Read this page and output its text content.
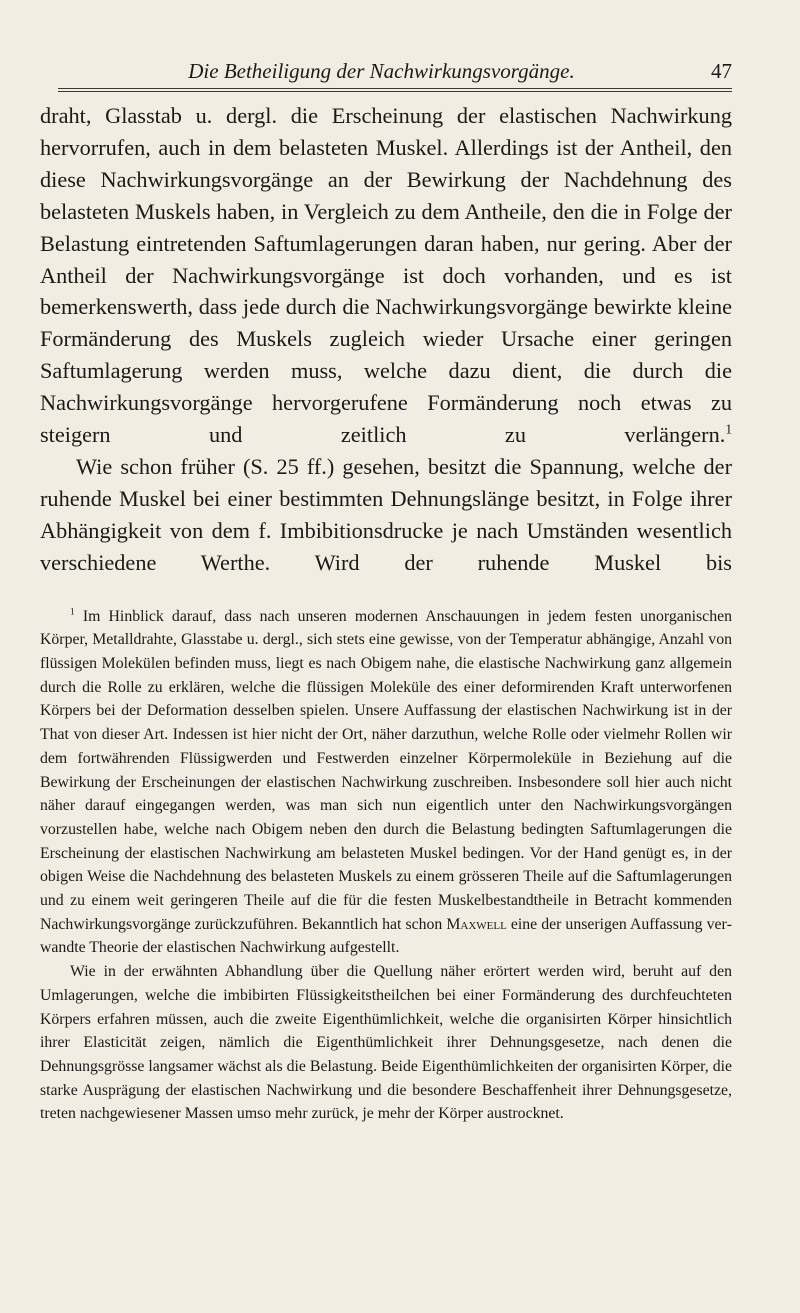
Die Betheiligung der Nachwirkungsvorgänge.	47

draht, Glasstab u. dergl. die Erscheinung der elastischen Nachwirkung hervorrufen, auch in dem belasteten Muskel. Allerdings ist der Antheil, den diese Nachwirkungsvorgänge an der Bewirkung der Nachdehnung des belasteten Muskels haben, in Vergleich zu dem Antheile, den die in Folge der Belastung eintretenden Saftumlagerungen daran haben, nur gering. Aber der Antheil der Nachwirkungsvorgänge ist doch vorhanden, und es ist bemerkenswerth, dass jede durch die Nachwirkungsvorgänge bewirkte kleine Formänderung des Muskels zugleich wieder Ursache einer geringen Saftumlagerung werden muss, welche dazu dient, die durch die Nachwirkungsvorgänge hervorgerufene Formänderung noch etwas zu steigern und zeitlich zu verlängern.$^1$

Wie schon früher (S. 25 ff.) gesehen, besitzt die Spannung, welche der ruhende Muskel bei einer bestimmten Dehnungslänge besitzt, in Folge ihrer Abhängigkeit von dem f. Imbibitionsdrucke je nach Umständen wesentlich verschiedene Werthe. Wird der ruhende Muskel bis

$^1$ Im Hinblick darauf, dass nach unseren modernen Anschauungen in jedem festen unorganischen Körper, Metalldrahte, Glasstabe u. dergl., sich stets eine gewisse, von der Temperatur abhängige, Anzahl von flüssigen Molekülen befinden muss, liegt es nach Obigem nahe, die elastische Nachwirkung ganz allgemein durch die Rolle zu erklären, welche die flüssigen Moleküle des einer deformirenden Kraft unterworfenen Körpers bei der Deformation desselben spielen. Unsere Auffassung der elastischen Nachwirkung ist in der That von dieser Art. Indessen ist hier nicht der Ort, näher darzuthun, welche Rolle oder vielmehr Rollen wir dem fortwährenden Flüssigwerden und Festwerden einzelner Körpermoleküle in Beziehung auf die Bewirkung der Erscheinungen der elastischen Nachwirkung zuschreiben. Insbesondere soll hier auch nicht näher darauf eingegangen werden, was man sich nun eigentlich unter den Nachwirkungsvorgängen vorzustellen habe, welche nach Obigem neben den durch die Belastung bedingten Saftumlagerungen die Erscheinung der elastischen Nachwirkung am belasteten Muskel bedingen. Vor der Hand genügt es, in der obigen Weise die Nachdehnung des belasteten Muskels zu einem grösseren Theile auf die Saftumlagerungen und zu einem weit geringeren Theile auf die für die festen Muskelbestandtheile in Betracht kommenden Nachwirkungsvorgänge zurückzuführen. Bekanntlich hat schon Maxwell eine der unserigen Auffassung verwandte Theorie der elastischen Nachwirkung aufgestellt.

Wie in der erwähnten Abhandlung über die Quellung näher erörtert werden wird, beruht auf den Umlagerungen, welche die imbibirten Flüssigkeitstheilchen bei einer Formänderung des durchfeuchteten Körpers erfahren müssen, auch die zweite Eigenthümlichkeit, welche die organisirten Körper hinsichtlich ihrer Elasticität zeigen, nämlich die Eigenthümlichkeit ihrer Dehnungsgesetze, nach denen die Dehnungsgrösse langsamer wächst als die Belastung. Beide Eigenthümlichkeiten der organisirten Körper, die starke Ausprägung der elastischen Nachwirkung und die besondere Beschaffenheit ihrer Dehnungsgesetze, treten nachgewiesener Massen umso mehr zurück, je mehr der Körper austrocknet.
